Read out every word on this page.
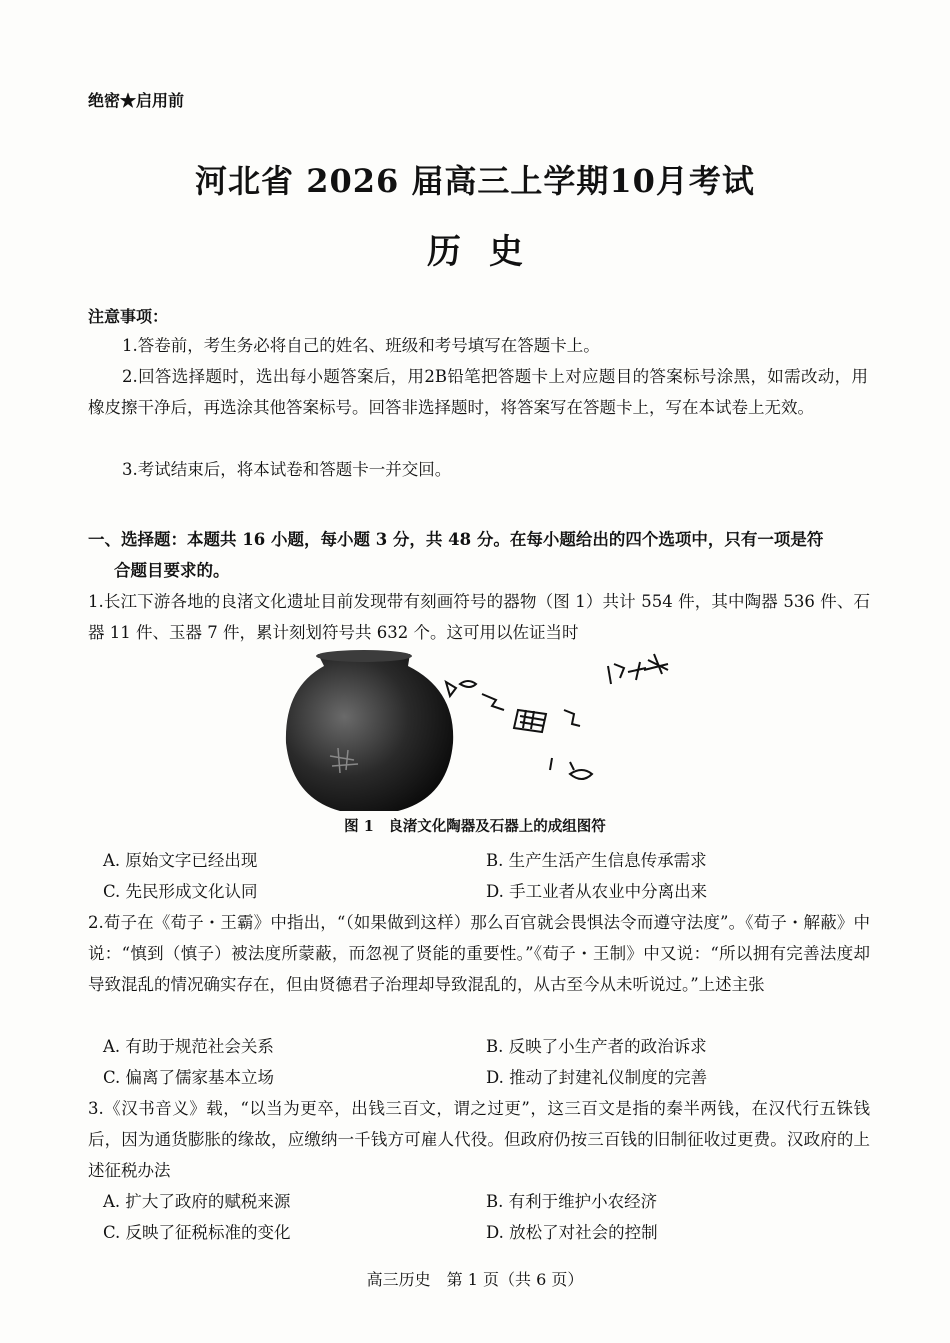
绝密★启用前
河北省 2026 届高三上学期10月考试
历史
注意事项：
1.答卷前，考生务必将自己的姓名、班级和考号填写在答题卡上。
2.回答选择题时，选出每小题答案后，用2B铅笔把答题卡上对应题目的答案标号涂黑，如需改动，用橡皮擦干净后，再选涂其他答案标号。回答非选择题时，将答案写在答题卡上，写在本试卷上无效。
3.考试结束后，将本试卷和答题卡一并交回。
一、选择题：本题共 16 小题，每小题 3 分，共 48 分。在每小题给出的四个选项中，只有一项是符
合题目要求的。
1.长江下游各地的良渚文化遗址目前发现带有刻画符号的器物（图 1）共计 554 件，其中陶器 536 件、石器 11 件、玉器 7 件，累计刻划符号共 632 个。这可用以佐证当时
图 1　良渚文化陶器及石器上的成组图符
A. 原始文字已经出现	B. 生产生活产生信息传承需求
C. 先民形成文化认同	D. 手工业者从农业中分离出来
2.荀子在《荀子・王霸》中指出，“（如果做到这样）那么百官就会畏惧法令而遵守法度”。《荀子・解蔽》中说：“慎到（慎子）被法度所蒙蔽，而忽视了贤能的重要性。”《荀子・王制》中又说：“所以拥有完善法度却导致混乱的情况确实存在，但由贤德君子治理却导致混乱的，从古至今从未听说过。”上述主张
A. 有助于规范社会关系	B. 反映了小生产者的政治诉求
C. 偏离了儒家基本立场	D. 推动了封建礼仪制度的完善
3.《汉书音义》载，“以当为更卒，出钱三百文，谓之过更”，这三百文是指的秦半两钱，在汉代行五铢钱后，因为通货膨胀的缘故，应缴纳一千钱方可雇人代役。但政府仍按三百钱的旧制征收过更费。汉政府的上述征税办法
A. 扩大了政府的赋税来源	B. 有利于维护小农经济
C. 反映了征税标准的变化	D. 放松了对社会的控制
高三历史　第 1 页（共 6 页）
